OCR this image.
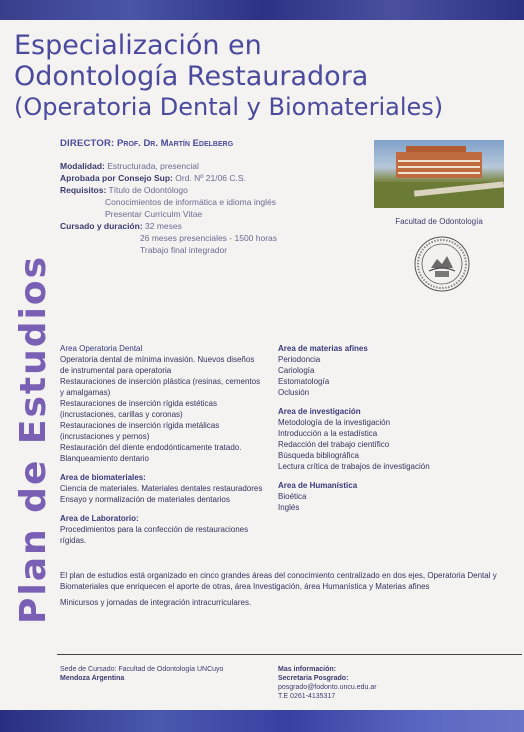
Especialización en
Odontología Restauradora
(Operatoria Dental y Biomateriales)
DIRECTOR: Prof. Dr. Martín Edelberg
Modalidad: Estructurada, presencial
Aprobada por Consejo Sup: Ord. Nº 21/06 C.S.
Requisitos: Título de Odontólogo
Conocimientos de informática e idioma inglés
Presentar Curriculm Vitae
Cursado y duración: 32 meses
26 meses presenciales - 1500 horas
Trabajo final integrador
Facultad de Odontología
Plan de Estudios Area Operatoria Dental
Operatoria dental de mínima invasión. Nuevos diseños
de instrumental para operatoria
Restauraciones de inserción plástica (resinas, cementos
y amalgamas)
Restauraciones de inserción rígida estéticas
(incrustaciones, carillas y coronas)
Restauraciones de inserción rígida metálicas
(incrustaciones y pernos)
Restauración del diente endodónticamente tratado.
Blanqueamiento dentario
Area de biomateriales:
Ciencia de materiales. Materiales dentales restauradores
Ensayo y normalización de materiales dentarios
Area de Laboratorio:
Procedimientos para la confección de restauraciones
rígidas.
Area de materias afines
Periodoncia
Cariología
Estomatología
Oclusión
Area de investigación
Metodología de la investigación
Introducción a la estadística
Redacción del trabajo científico
Búsqueda bibliográfica
Lectura crítica de trabajos de investigación
Area de Humanística
Bioética
Inglés
El plan de estudios está organizado en cinco grandes áreas del conocimiento centralizado en dos ejes, Operatoria Dental y Biomateriales que enriquecen el aporte de otras, área Investigación, área Humanística y Materias afines
Minicursos y jornadas de integración intracurriculares.
Sede de Cursado: Facultad de Odontología UNCuyo
Mendoza Argentina
Mas información:
Secretaria Posgrado:
posgrado@fodonto.uncu.edu.ar
T.E 0261-4135317
